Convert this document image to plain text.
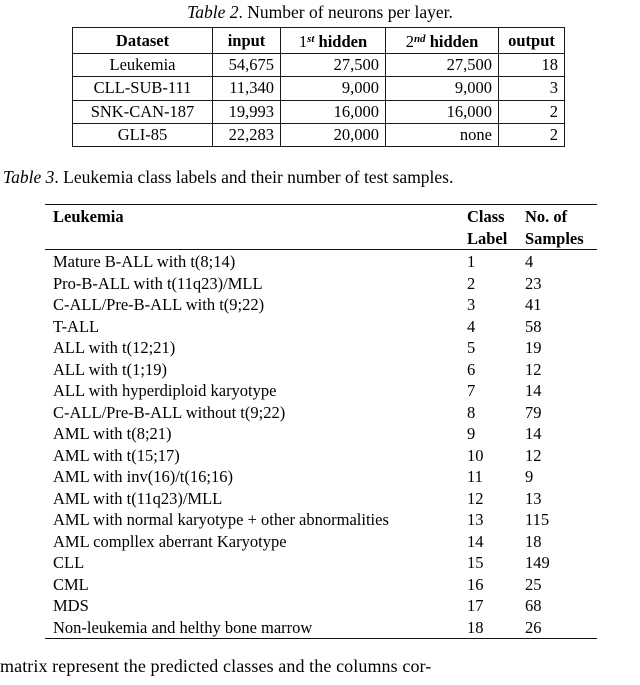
Table 2. Number of neurons per layer.
Dataset	input	1st hidden	2nd hidden	output
Leukemia	54,675	27,500	27,500	18
CLL-SUB-111	11,340	9,000	9,000	3
SNK-CAN-187	19,993	16,000	16,000	2
GLI-85	22,283	20,000	none	2
Table 3. Leukemia class labels and their number of test samples.

Leukemia	Class	No. of
	Label	Samples

Mature B-ALL with t(8;14)	1	4
Pro-B-ALL with t(11q23)/MLL	2	23
C-ALL/Pre-B-ALL with t(9;22)	3	41
T-ALL	4	58
ALL with t(12;21)	5	19
ALL with t(1;19)	6	12
ALL with hyperdiploid karyotype	7	14
C-ALL/Pre-B-ALL without t(9;22)	8	79
AML with t(8;21)	9	14
AML with t(15;17)	10	12
AML with inv(16)/t(16;16)	11	9
AML with t(11q23)/MLL	12	13
AML with normal karyotype + other abnormalities	13	115
AML compllex aberrant Karyotype	14	18
CLL	15	149
CML	16	25
MDS	17	68
Non-leukemia and helthy bone marrow	18	26

matrix represent the predicted classes and the columns cor-
